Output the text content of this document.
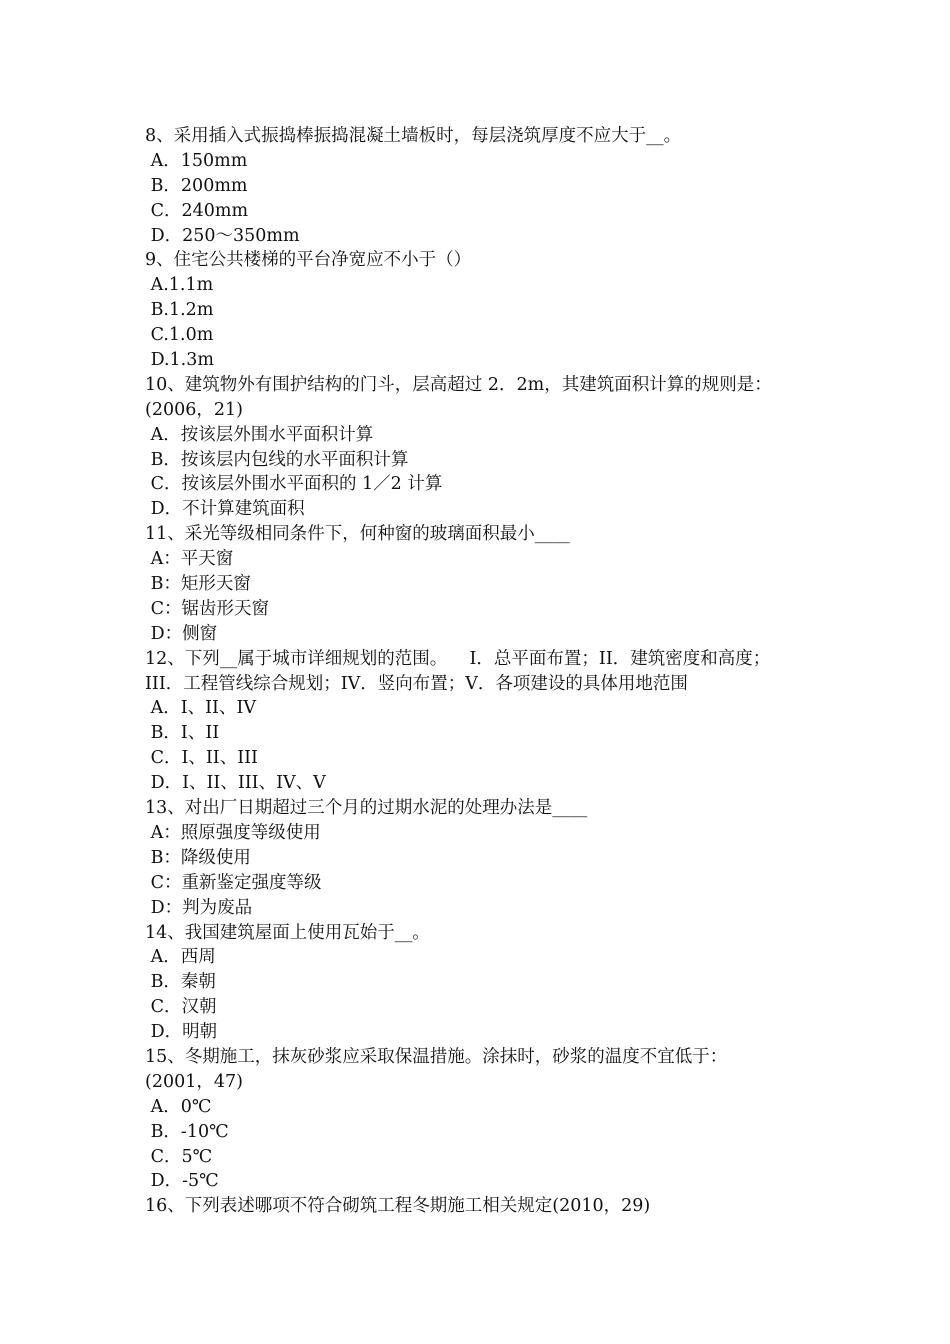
8、采用插入式振捣棒振捣混凝土墙板时，每层浇筑厚度不应大于__。
A．150mm
B．200mm
C．240mm
D．250～350mm
9、住宅公共楼梯的平台净宽应不小于（）
A.1.1m
B.1.2m
C.1.0m
D.1.3m
10、建筑物外有围护结构的门斗，层高超过 2．2m，其建筑面积计算的规则是：
(2006，21)
A．按该层外围水平面积计算
B．按该层内包线的水平面积计算
C．按该层外围水平面积的 1／2 计算
D．不计算建筑面积
11、采光等级相同条件下，何种窗的玻璃面积最小____
A：平天窗
B：矩形天窗
C：锯齿形天窗
D：侧窗
12、下列__属于城市详细规划的范围。    I．总平面布置；II．建筑密度和高度；
III．工程管线综合规划；IV．竖向布置；V．各项建设的具体用地范围
A．I、II、IV
B．I、II
C．I、II、III
D．I、II、III、IV、V
13、对出厂日期超过三个月的过期水泥的处理办法是____
A：照原强度等级使用
B：降级使用
C：重新鉴定强度等级
D：判为废品
14、我国建筑屋面上使用瓦始于__。
A．西周
B．秦朝
C．汉朝
D．明朝
15、冬期施工，抹灰砂浆应采取保温措施。涂抹时，砂浆的温度不宜低于：
(2001，47)
A．0℃
B．-10℃
C．5℃
D．-5℃
16、下列表述哪项不符合砌筑工程冬期施工相关规定(2010，29)
